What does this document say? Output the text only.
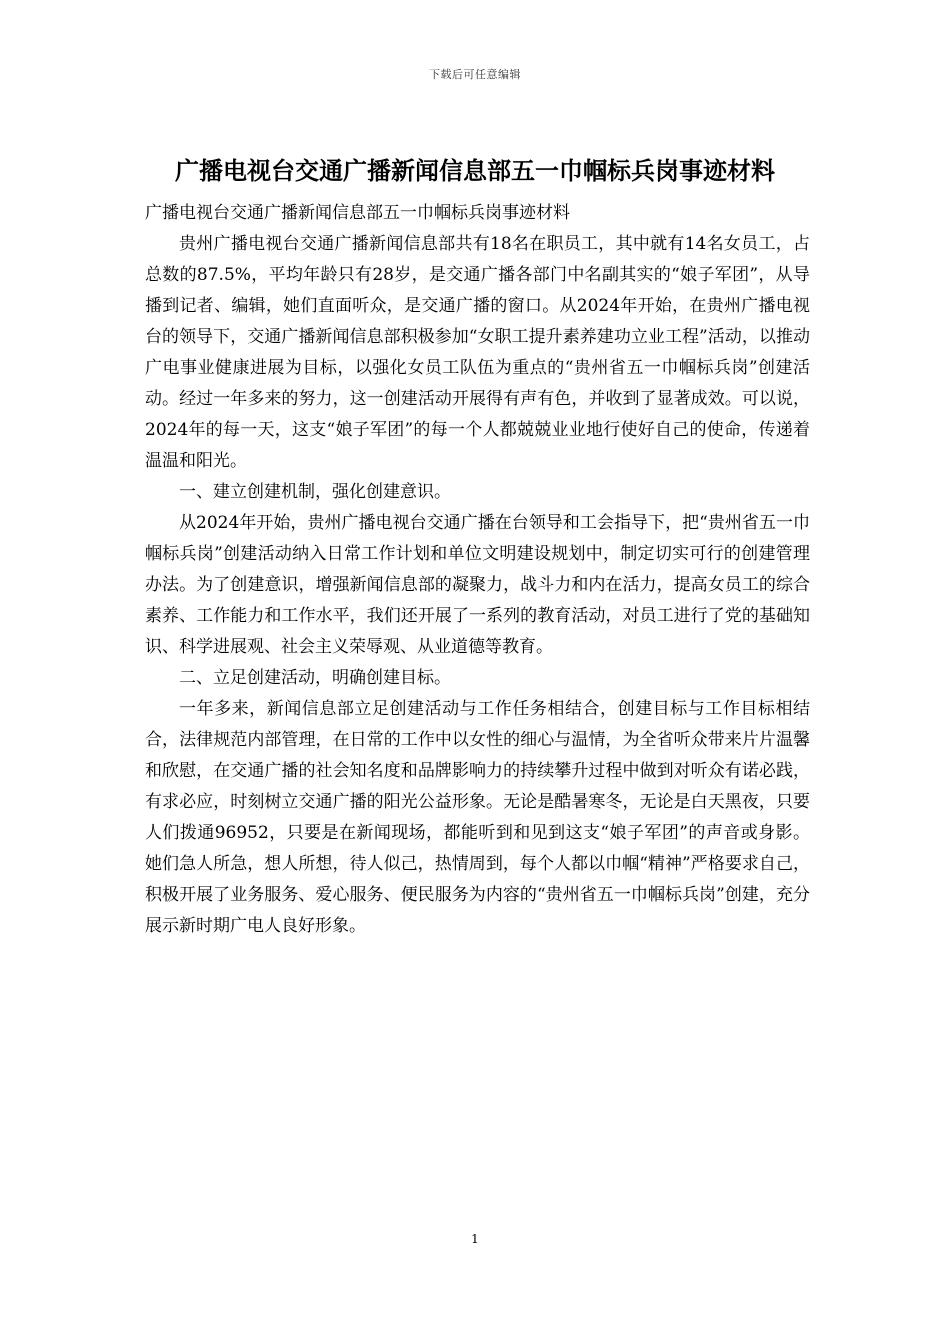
下载后可任意编辑
广播电视台交通广播新闻信息部五一巾帼标兵岗事迹材料

广播电视台交通广播新闻信息部五一巾帼标兵岗事迹材料

贵州广播电视台交通广播新闻信息部共有18名在职员工，其中就有14名女员工，占总数的87.5%，平均年龄只有28岁，是交通广播各部门中名副其实的“娘子军团”，从导播到记者、编辑，她们直面听众，是交通广播的窗口。从2024年开始，在贵州广播电视台的领导下，交通广播新闻信息部积极参加“女职工提升素养建功立业工程”活动，以推动广电事业健康进展为目标，以强化女员工队伍为重点的“贵州省五一巾帼标兵岗”创建活动。经过一年多来的努力，这一创建活动开展得有声有色，并收到了显著成效。可以说，2024年的每一天，这支“娘子军团”的每一个人都兢兢业业地行使好自己的使命，传递着温温和阳光。

一、建立创建机制，强化创建意识。

从2024年开始，贵州广播电视台交通广播在台领导和工会指导下，把“贵州省五一巾帼标兵岗”创建活动纳入日常工作计划和单位文明建设规划中，制定切实可行的创建管理办法。为了创建意识，增强新闻信息部的凝聚力，战斗力和内在活力，提高女员工的综合素养、工作能力和工作水平，我们还开展了一系列的教育活动，对员工进行了党的基础知识、科学进展观、社会主义荣辱观、从业道德等教育。

二、立足创建活动，明确创建目标。

一年多来，新闻信息部立足创建活动与工作任务相结合，创建目标与工作目标相结合，法律规范内部管理，在日常的工作中以女性的细心与温情，为全省听众带来片片温馨和欣慰，在交通广播的社会知名度和品牌影响力的持续攀升过程中做到对听众有诺必践，有求必应，时刻树立交通广播的阳光公益形象。无论是酷暑寒冬，无论是白天黑夜，只要人们拨通96952，只要是在新闻现场，都能听到和见到这支“娘子军团”的声音或身影。她们急人所急，想人所想，待人似己，热情周到，每个人都以巾帼“精神”严格要求自己，积极开展了业务服务、爱心服务、便民服务为内容的“贵州省五一巾帼标兵岗”创建，充分展示新时期广电人良好形象。

1
